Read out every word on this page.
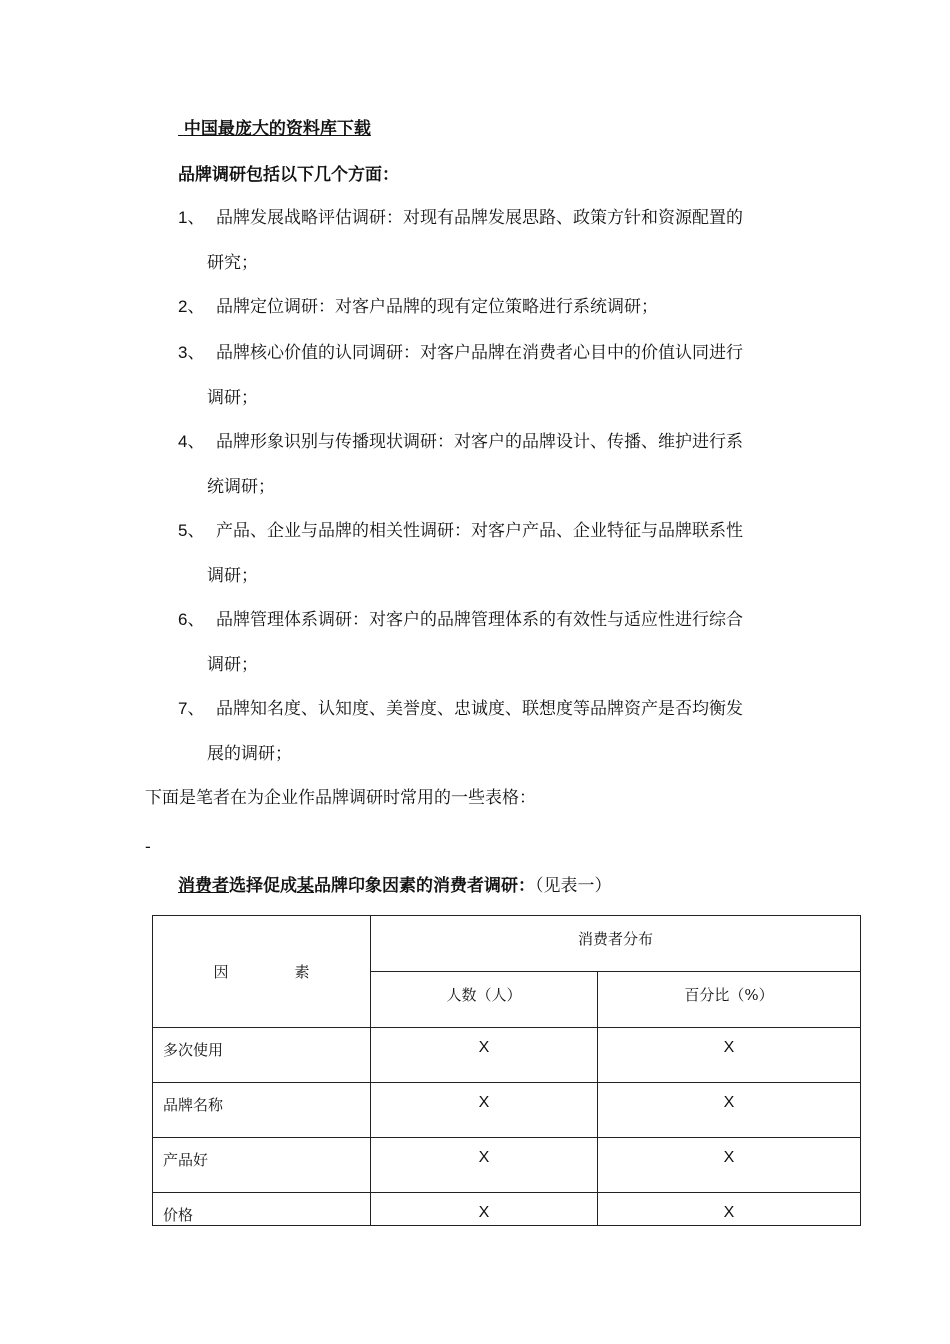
中国最庞大的资料库下载
品牌调研包括以下几个方面：
1、 品牌发展战略评估调研：对现有品牌发展思路、政策方针和资源配置的
研究；
2、 品牌定位调研：对客户品牌的现有定位策略进行系统调研；
3、 品牌核心价值的认同调研：对客户品牌在消费者心目中的价值认同进行
调研；
4、 品牌形象识别与传播现状调研：对客户的品牌设计、传播、维护进行系
统调研；
5、 产品、企业与品牌的相关性调研：对客户产品、企业特征与品牌联系性
调研；
6、 品牌管理体系调研：对客户的品牌管理体系的有效性与适应性进行综合
调研；
7、 品牌知名度、认知度、美誉度、忠诚度、联想度等品牌资产是否均衡发
展的调研；
下面是笔者在为企业作品牌调研时常用的一些表格：
-
消费者选择促成某品牌印象因素的消费者调研：（见表一）
因 素	消费者分布	
	人数（人）	百分比（%）
多次使用	X	X
品牌名称	X	X
产品好	X	X
价格	X	X
